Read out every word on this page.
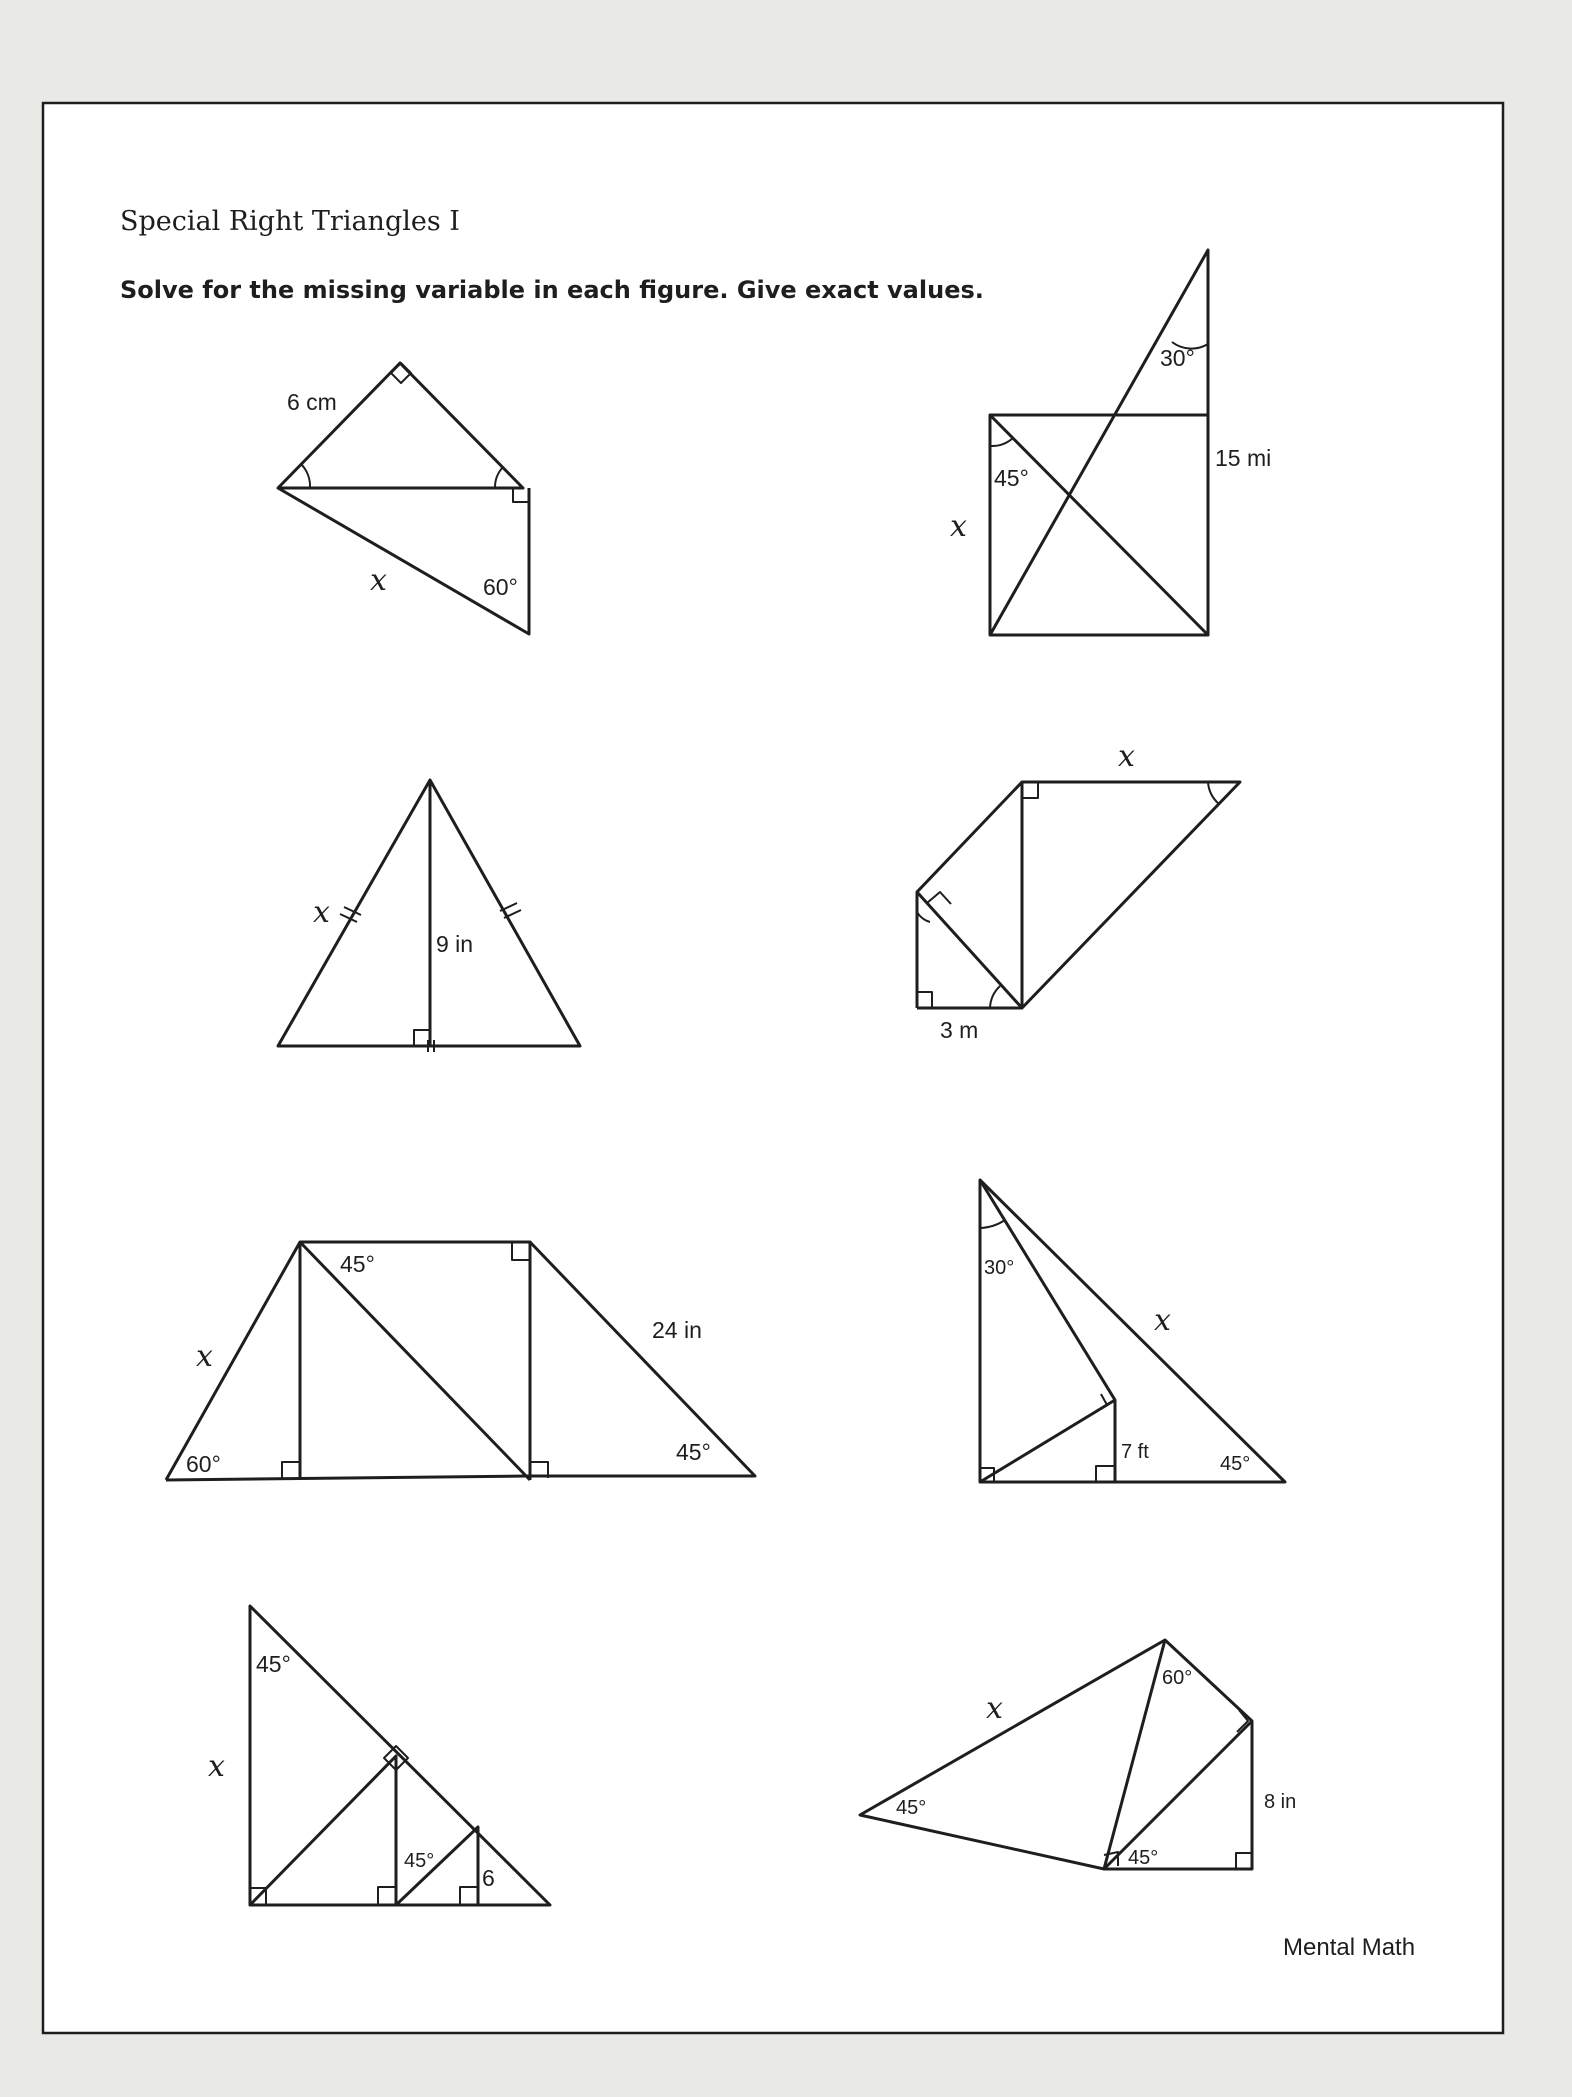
6 cm
x	60°
30°
15 mi
45°
x
x
9 in
x
3 m
x
45°
24 in
45°
60°
30°
x
7 ft
45°
45°
x
45°
6
x
60°
8 in
45°
45°
Special Right Triangles I

Solve for the missing variable in each figure. Give exact values.

Mental Math
